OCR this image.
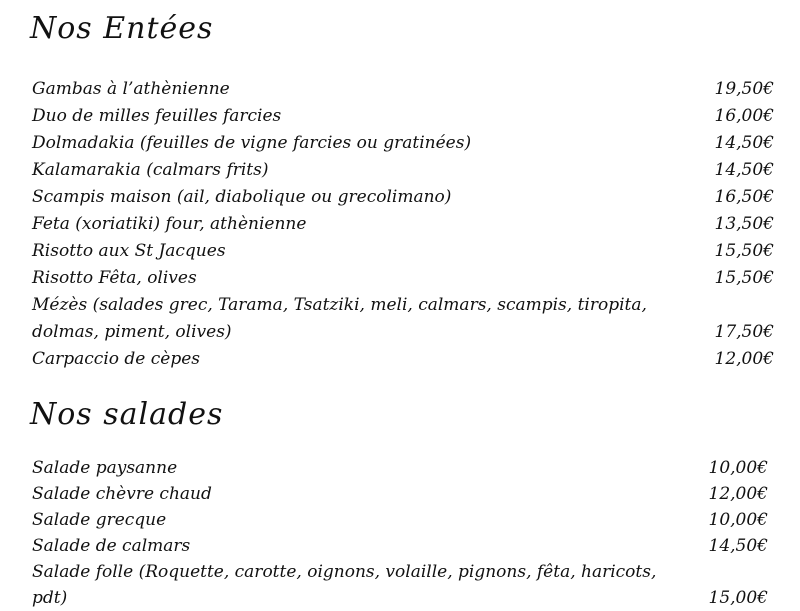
Nos Entées
Gambas à l’athènienne	19,50€
Duo de milles feuilles farcies	16,00€
Dolmadakia (feuilles de vigne farcies ou gratinées)	14,50€
Kalamarakia (calmars frits)	14,50€
Scampis maison (ail, diabolique ou grecolimano)	16,50€
Feta (xoriatiki) four, athènienne	13,50€
Risotto aux St Jacques	15,50€
Risotto Fêta, olives	15,50€
Mézès (salades grec, Tarama, Tsatziki, meli, calmars, scampis, tiropita,
dolmas, piment, olives)	17,50€
Carpaccio de cèpes	12,00€
Nos salades
Salade paysanne	10,00€
Salade chèvre chaud	12,00€
Salade grecque	10,00€
Salade de calmars	14,50€
Salade folle (Roquette, carotte, oignons, volaille, pignons, fêta, haricots, pdt)	15,00€
